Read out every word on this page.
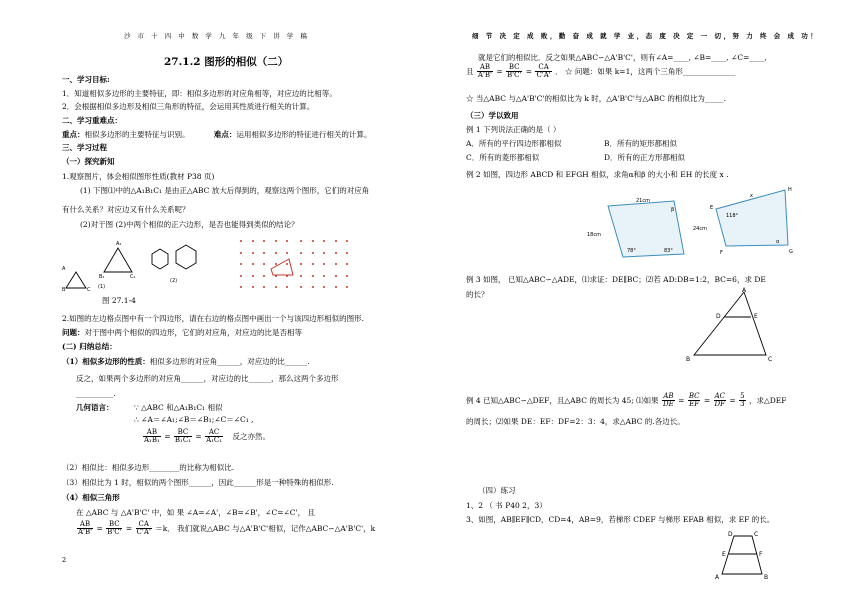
沙 市 十 四 中 数 学 九 年 级 下 讲 学 稿
27.1.2 图形的相似（二）
一、学习目标:
1．知道相似多边形的主要特征，即：相似多边形的对应角相等，对应边的比相等。
2．会根据相似多边形及相似三角形的特征，会运用其性质进行相关的计算。
二、学习重难点：
重点：相似多边形的主要特征与识别。	难点：运用相似多边形的特征进行相关的计算。
三、学习过程
（一）探究新知
1.观察图片，体会相似图形性质(教材 P38 页)
(1) 下图⑴中的△A₁B₁C₁ 是由正△ABC 放大后得到的，观察这两个图形，它们的对应角
有什么关系？对应边又有什么关系呢？
(2)对于图 (2)中两个相似的正六边形，是否也能得到类似的结论？
A
B	C
A₁
B₁	C₁
(1)
(2)
图 27.1-4
2.如图的左边格点图中有一个四边形，请在右边的格点图中画出一个与该四边形相似的图形.
问题：对于图中两个相似的四边形，它们的对应角，对应边的比是否相等
(二) 归纳总结：
（1）相似多边形的性质：相似多边形的对应角______，对应边的比______.
反之，如果两个多边形的对应角______，对应边的比______，那么这两个多边形
__________.
几何语言：	∵ △ABC 和△A₁B₁C₁ 相似
∴ ∠A＝∠A₁;∠B＝∠B₁;∠C＝∠C₁ ,
$\frac{AB}{\text{A₁B₁}} = \frac{BC}{\text{B₁C₁}} = \frac{AC}{\text{A₁C₁}}$ 反之亦然。
（2）相似比：相似多边形________的比称为相似比.
（3）相似比为 1 时，相似的两个图形______，因此______形是一种特殊的相似形.
（4）相似三角形
在 △ABC 与 △A'B'C' 中，如 果 ∠A=∠A'，∠B=∠B'，∠C=∠C'， 且
$\frac{AB}{A'B'} = \frac{BC}{B'C'} = \frac{CA}{C'A'} =k$． 我们就说△ABC 与△A'B'C'相似，记作△ABC∽△A'B'C'，k
2
细 节 决 定 成 败，勤 奋 成 就 学 业，态 度 决 定 一 切，努 力 终 会 成 功！
就是它们的相似比．反之如果△ABC∽△A'B'C'，则有∠A=____, ∠B=____, ∠C=____,
且 $\frac{AB}{A'B'} = \frac{BC}{B'C'} = \frac{CA}{C'A'}$ ． ☆ 问题：如果 k=1，这两个三角形______________
☆ 当△ABC 与△A'B'C'的相似比为 k 时，△A'B'C'与△ABC 的相似比为_____.
（三）学以致用
例 1 下列说法正确的是（ ）
A．所有的平行四边形都相似	B．所有的矩形都相似
C．所有的菱形都相似	D．所有的正方形都相似
例 2 如图，四边形 ABCD 和 EFGH 相似，求角α和β 的大小和 EH 的长度 x .
21cm
18cm
78°	83°
β
24cm
118°
α
x
E
F	G
H
例 3 如图， 已知△ABC∽△ADE，⑴求证：DE∥BC；⑵若 AD:DB=1:2，BC=6，求 DE
的长？	A
D	E
B	C
例 4 已知△ABC∽△DEF，且△ABC 的周长为 45; ⑴如果 $\frac{AB}{DE} = \frac{BC}{EF} = \frac{AC}{DF} = \frac{5}{3}$ ，求△DEF
的周长；⑵如果 DE：EF：DF=2：3：4，求△ABC 的.各边长。
（四）练习
1、2 （ 书 P40 2，3）
3、如图，AB∥EF∥CD，CD=4，AB=9，若梯形 CDEF 与梯形 EFAB 相似，求 EF 的长。
D	C
E	F
A	B
